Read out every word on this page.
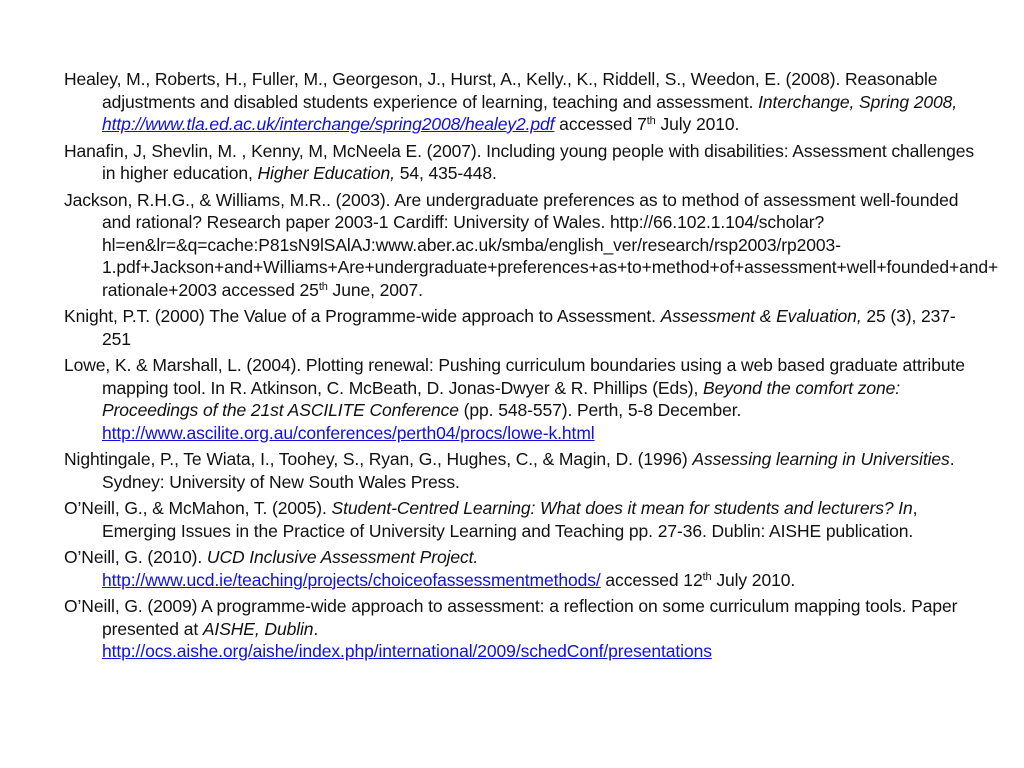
Healey, M., Roberts, H., Fuller, M., Georgeson, J., Hurst, A., Kelly., K., Riddell, S., Weedon, E. (2008). Reasonable adjustments and disabled students experience of learning, teaching and assessment. Interchange, Spring 2008,
http://www.tla.ed.ac.uk/interchange/spring2008/healey2.pdf accessed 7th July 2010.

Hanafin, J, Shevlin, M. , Kenny, M, McNeela E. (2007). Including young people with disabilities: Assessment challenges in higher education, Higher Education, 54, 435-448.

Jackson, R.H.G., & Williams, M.R.. (2003). Are undergraduate preferences as to method of assessment well-founded and rational? Research paper 2003-1 Cardiff: University of Wales. http://66.102.1.104/scholar?hl=en&lr=&q=cache:P81sN9lSAlAJ:www.aber.ac.uk/smba/english_ver/research/rsp2003/rp2003-1.pdf+Jackson+and+Williams+Are+undergraduate+preferences+as+to+method+of+assessment+well+founded+and+ rationale+2003 accessed 25th June, 2007.

Knight, P.T. (2000) The Value of a Programme-wide approach to Assessment. Assessment & Evaluation, 25 (3), 237-251

Lowe, K. & Marshall, L. (2004). Plotting renewal: Pushing curriculum boundaries using a web based graduate attribute mapping tool. In R. Atkinson, C. McBeath, D. Jonas-Dwyer & R. Phillips (Eds), Beyond the comfort zone: Proceedings of the 21st ASCILITE Conference (pp. 548-557). Perth, 5-8 December. http://www.ascilite.org.au/conferences/perth04/procs/lowe-k.html

Nightingale, P., Te Wiata, I., Toohey, S., Ryan, G., Hughes, C., & Magin, D. (1996) Assessing learning in Universities. Sydney: University of New South Wales Press.

O’Neill, G., & McMahon, T. (2005). Student-Centred Learning: What does it mean for students and lecturers? In, Emerging Issues in the Practice of University Learning and Teaching pp. 27-36. Dublin: AISHE publication.

O’Neill, G. (2010). UCD Inclusive Assessment Project.
http://www.ucd.ie/teaching/projects/choiceofassessmentmethods/ accessed 12th July 2010.

O’Neill, G. (2009) A programme-wide approach to assessment: a reflection on some curriculum mapping tools. Paper presented at AISHE, Dublin.
http://ocs.aishe.org/aishe/index.php/international/2009/schedConf/presentations
